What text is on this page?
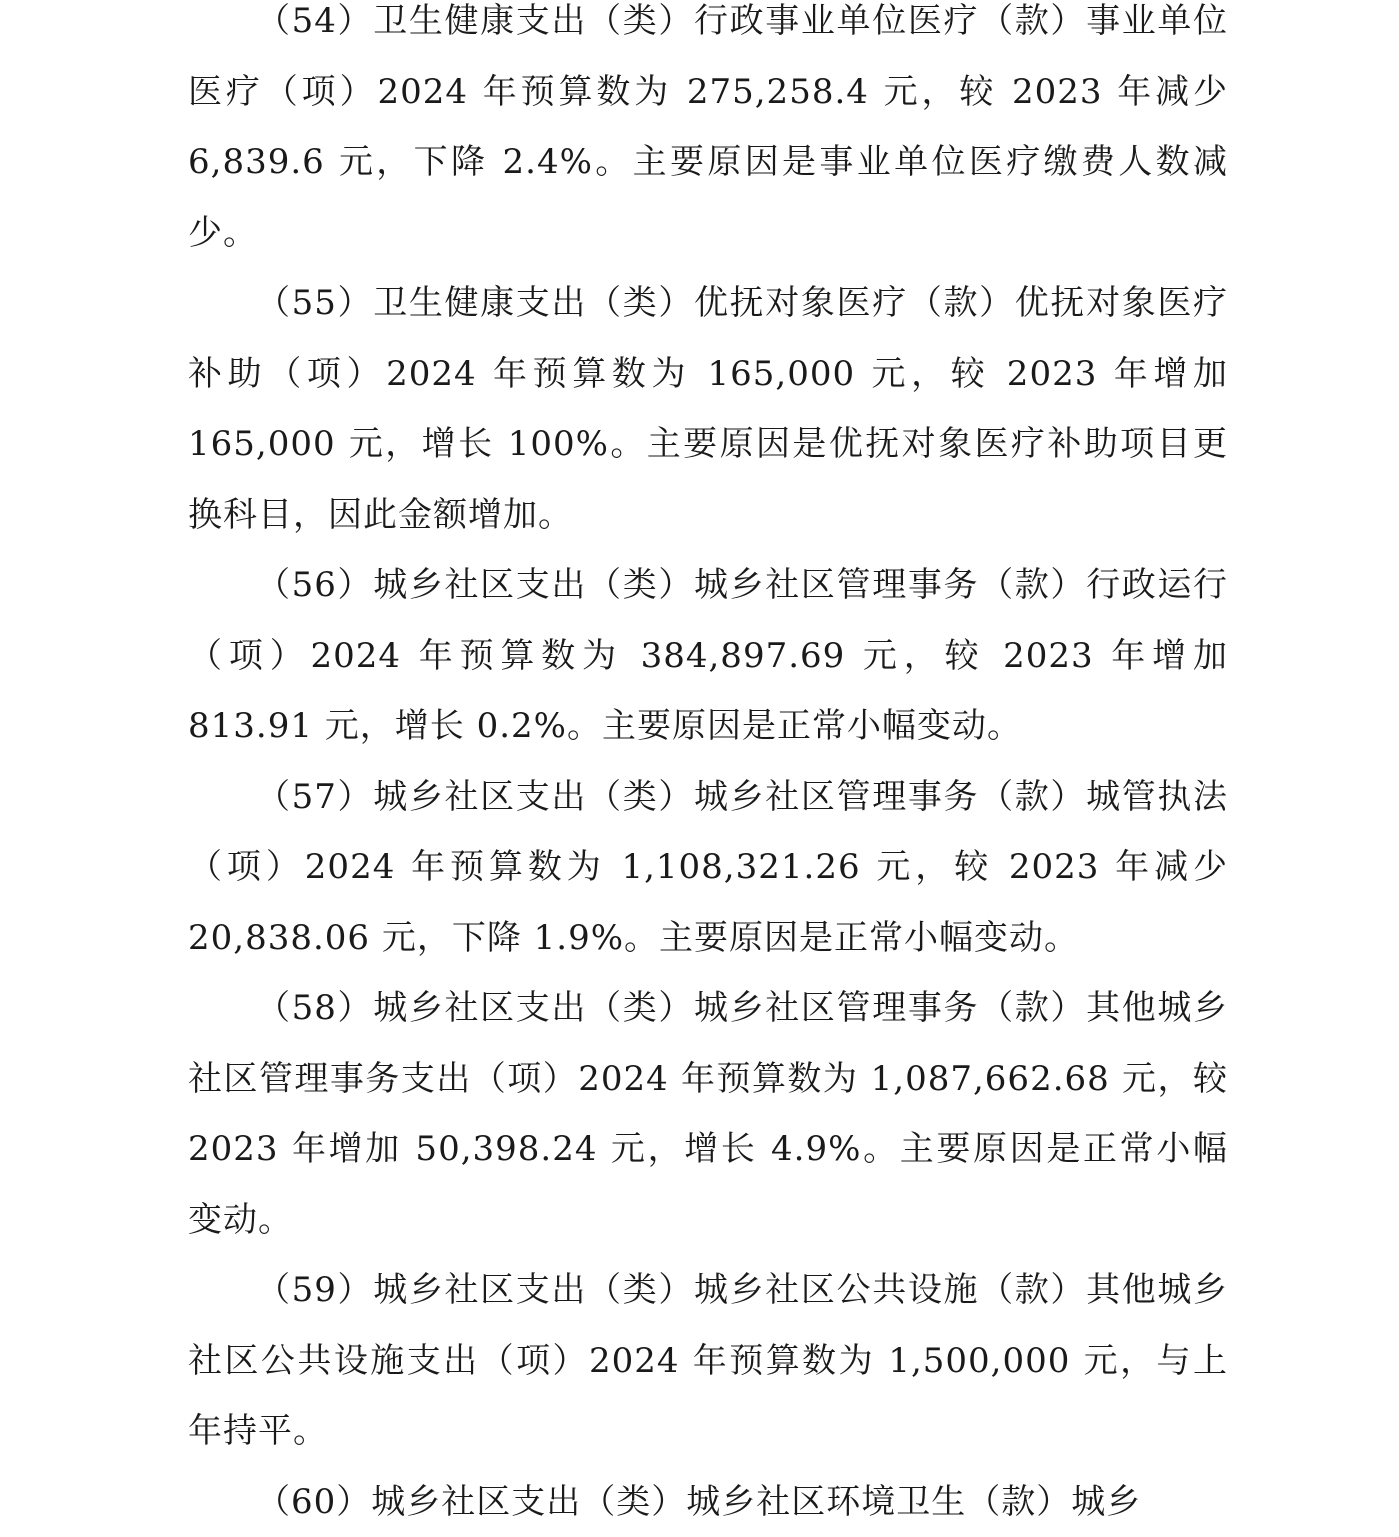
（54）卫生健康支出（类）行政事业单位医疗（款）事业单位医疗（项）2024 年预算数为 275,258.4 元，较 2023 年减少 6,839.6 元，下降 2.4%。主要原因是事业单位医疗缴费人数减少。

（55）卫生健康支出（类）优抚对象医疗（款）优抚对象医疗补助（项）2024 年预算数为 165,000 元，较 2023 年增加 165,000 元，增长 100%。主要原因是优抚对象医疗补助项目更换科目，因此金额增加。

（56）城乡社区支出（类）城乡社区管理事务（款）行政运行（项）2024 年预算数为 384,897.69 元，较 2023 年增加 813.91 元，增长 0.2%。主要原因是正常小幅变动。

（57）城乡社区支出（类）城乡社区管理事务（款）城管执法（项）2024 年预算数为 1,108,321.26 元，较 2023 年减少 20,838.06 元，下降 1.9%。主要原因是正常小幅变动。

（58）城乡社区支出（类）城乡社区管理事务（款）其他城乡社区管理事务支出（项）2024 年预算数为 1,087,662.68 元，较 2023 年增加 50,398.24 元，增长 4.9%。主要原因是正常小幅变动。

（59）城乡社区支出（类）城乡社区公共设施（款）其他城乡社区公共设施支出（项）2024 年预算数为 1,500,000 元，与上年持平。

（60）城乡社区支出（类）城乡社区环境卫生（款）城乡
